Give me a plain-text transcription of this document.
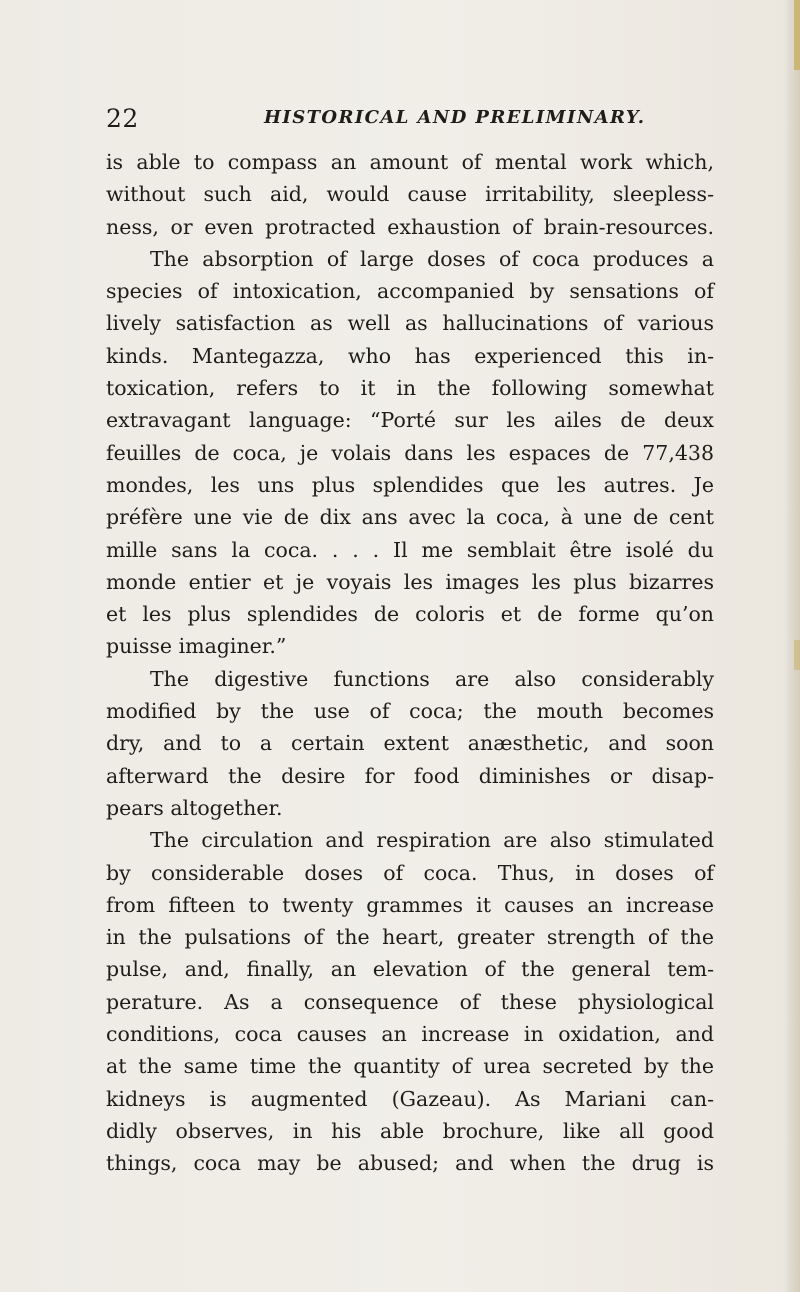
22	HISTORICAL AND PRELIMINARY.
is able to compass an amount of mental work which,
without such aid, would cause irritability, sleepless-
ness, or even protracted exhaustion of brain-resources.
The absorption of large doses of coca produces a
species of intoxication, accompanied by sensations of
lively satisfaction as well as hallucinations of various
kinds. Mantegazza, who has experienced this in-
toxication, refers to it in the following somewhat
extravagant language: “Porté sur les ailes de deux
feuilles de coca, je volais dans les espaces de 77,438
mondes, les uns plus splendides que les autres. Je
préfère une vie de dix ans avec la coca, à une de cent
mille sans la coca. . . . Il me semblait être isolé du
monde entier et je voyais les images les plus bizarres
et les plus splendides de coloris et de forme qu’on
puisse imaginer.”
The digestive functions are also considerably
modified by the use of coca; the mouth becomes
dry, and to a certain extent anæsthetic, and soon
afterward the desire for food diminishes or disap-
pears altogether.
The circulation and respiration are also stimulated
by considerable doses of coca. Thus, in doses of
from fifteen to twenty grammes it causes an increase
in the pulsations of the heart, greater strength of the
pulse, and, finally, an elevation of the general tem-
perature. As a consequence of these physiological
conditions, coca causes an increase in oxidation, and
at the same time the quantity of urea secreted by the
kidneys is augmented (Gazeau). As Mariani can-
didly observes, in his able brochure, like all good
things, coca may be abused; and when the drug is
